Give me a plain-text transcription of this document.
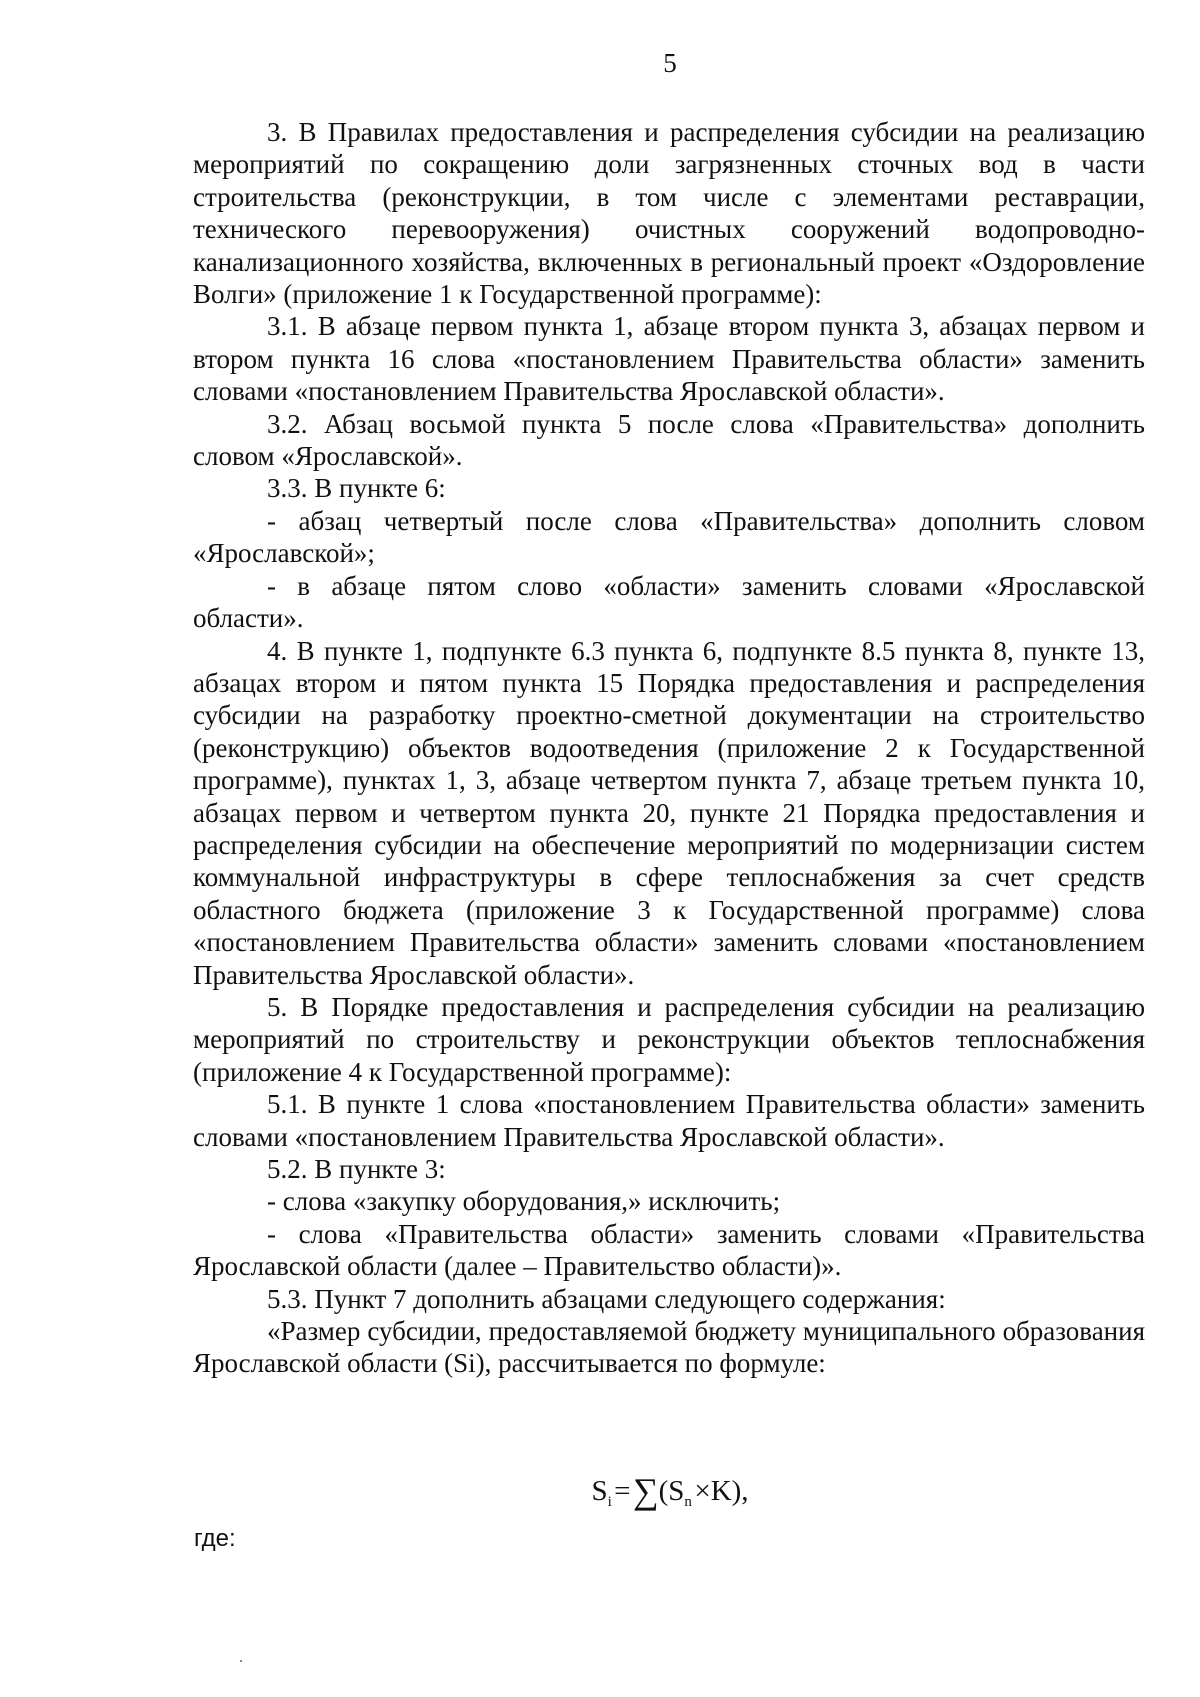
5

3. В Правилах предоставления и распределения субсидии на реализацию мероприятий по сокращению доли загрязненных сточных вод в части строительства (реконструкции, в том числе с элементами реставрации, технического перевооружения) очистных сооружений водопроводно-канализационного хозяйства, включенных в региональный проект «Оздоровление Волги» (приложение 1 к Государственной программе):

3.1. В абзаце первом пункта 1, абзаце втором пункта 3, абзацах первом и втором пункта 16 слова «постановлением Правительства области» заменить словами «постановлением Правительства Ярославской области».

3.2. Абзац восьмой пункта 5 после слова «Правительства» дополнить словом «Ярославской».

3.3. В пункте 6:

- абзац четвертый после слова «Правительства» дополнить словом «Ярославской»;

- в абзаце пятом слово «области» заменить словами «Ярославской области».

4. В пункте 1, подпункте 6.3 пункта 6, подпункте 8.5 пункта 8, пункте 13, абзацах втором и пятом пункта 15 Порядка предоставления и распределения субсидии на разработку проектно-сметной документации на строительство (реконструкцию) объектов водоотведения (приложение 2 к Государственной программе), пунктах 1, 3, абзаце четвертом пункта 7, абзаце третьем пункта 10, абзацах первом и четвертом пункта 20, пункте 21 Порядка предоставления и распределения субсидии на обеспечение мероприятий по модернизации систем коммунальной инфраструктуры в сфере теплоснабжения за счет средств областного бюджета (приложение 3 к Государственной программе) слова «постановлением Правительства области» заменить словами «постановлением Правительства Ярославской области».

5. В Порядке предоставления и распределения субсидии на реализацию мероприятий по строительству и реконструкции объектов теплоснабжения (приложение 4 к Государственной программе):

5.1. В пункте 1 слова «постановлением Правительства области» заменить словами «постановлением Правительства Ярославской области».

5.2. В пункте 3:

- слова «закупку оборудования,» исключить;

- слова «Правительства области» заменить словами «Правительства Ярославской области (далее – Правительство области)».

5.3. Пункт 7 дополнить абзацами следующего содержания:

«Размер субсидии, предоставляемой бюджету муниципального образования Ярославской области (Si), рассчитывается по формуле:

$S_i$ = $\sum(S_n$ ×K),
где:
